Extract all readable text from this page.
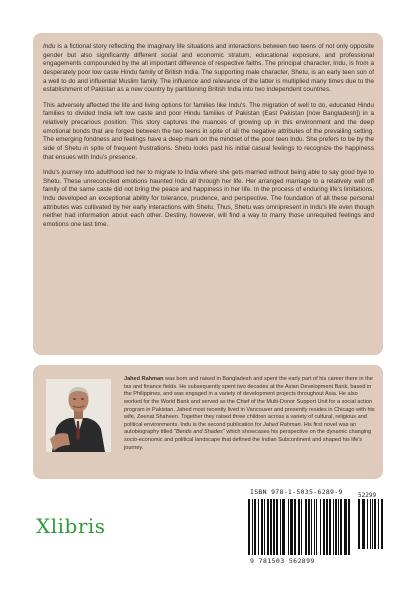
Indu is a fictional story reflecting the imaginary life situations and interactions between two teens of not only opposite gender but also significantly different social and economic stratum, educational exposure, and professional engagements compounded by the all important difference of respective faiths. The principal character, Indu, is from a desperately poor low caste Hindu family of British India. The supporting male character, Shetu, is an early teen son of a well to do and influential Muslim family. The influence and relevance of the latter is multiplied many times due to the establishment of Pakistan as a new country by partitioning British India into two independent countries.

This adversely affected the life and living options for families like Indu's. The migration of well to do, educated Hindu families to divided India left low caste and poor Hindu families of Pakistan (East Pakistan [now Bangladesh]) in a relatively precarious position. This story captures the nuances of growing up in this environment and the deep emotional bonds that are forged between the two teens in spite of all the negative attributes of the prevailing setting. The emerging fondness and feelings have a deep mark on the mindset of the poor teen Indu. She prefers to be by the side of Shetu in spite of frequent frustrations. Shetu looks past his initial casual feelings to recognize the happiness that ensues with Indu's presence.

Indu's journey into adulthood led her to migrate to India where she gets married without being able to say good bye to Shetu. These unreconciled emotions haunted Indu all through her life. Her arranged marriage to a relatively well off family of the same caste did not bring the peace and happiness in her life. In the process of enduring life's limitations, Indu developed an exceptional ability for tolerance, prudence, and perspective. The foundation of all these personal attributes was cultivated by her early interactions with Shetu. Thus, Shetu was omnipresent in Indu's life even though neither had information about each other. Destiny, however, will find a way to marry those unrequited feelings and emotions one last time.

Jahed Rahman was born and raised in Bangladesh and spent the early part of his career there in the tax and finance fields. He subsequently spent two decades at the Asian Development Bank, based in the Philippines, and was engaged in a variety of development projects throughout Asia. He also worked for the World Bank and served as the Chief of the Multi-Donor Support Unit for a social action program in Pakistan. Jahed most recently lived in Vancouver and presently resides in Chicago with his wife, Zeenat Shaheen. Together they raised three children across a variety of cultural, religious and political environments. Indu is the second publication for Jahed Rahman. His first novel was an autobiography titled "Bends and Shades" which showcases his perspective on the dynamic changing socio-economic and political landscape that defined the Indian Subcontinent and shaped his life's journey.
Xlibris
ISBN 978-1-5035-6289-9	52299
9 781503 562899
